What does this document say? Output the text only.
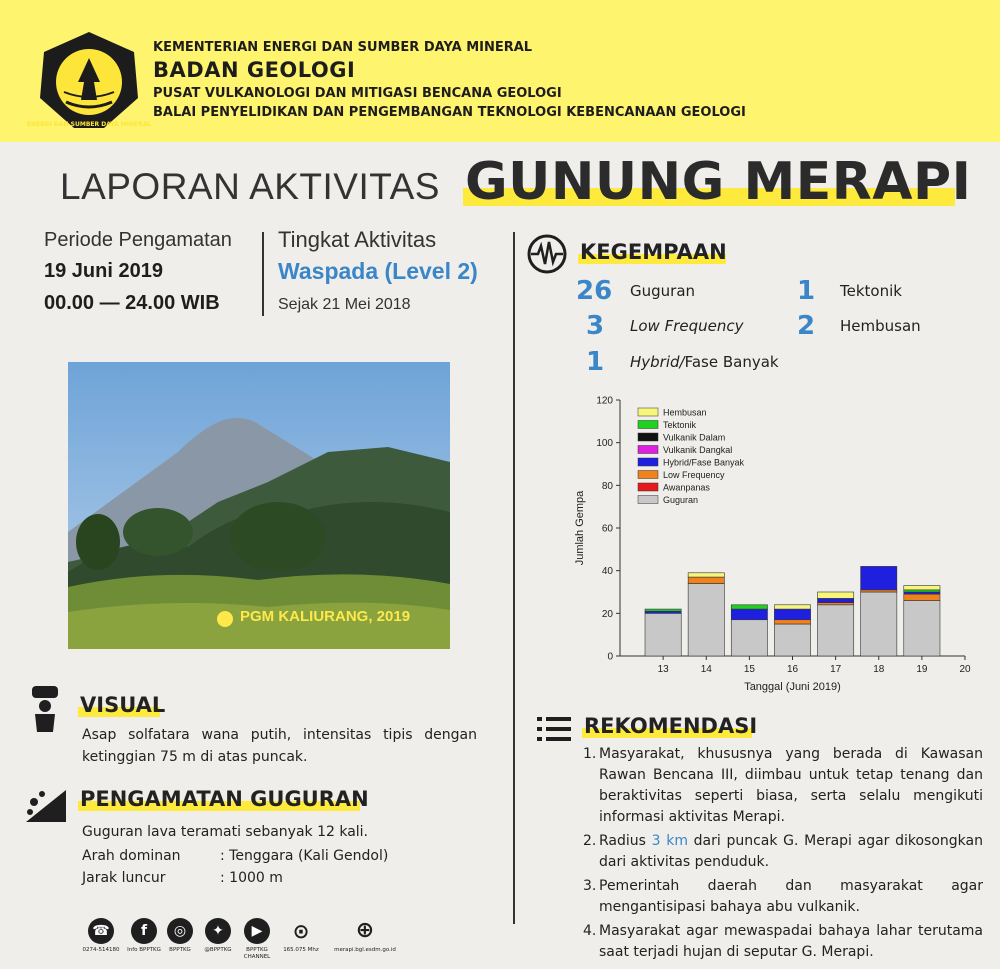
ENERGI DAN SUMBER DAYA MINERAL
KEMENTERIAN ENERGI DAN SUMBER DAYA MINERAL
BADAN GEOLOGI
PUSAT VULKANOLOGI DAN MITIGASI BENCANA GEOLOGI
BALAI PENYELIDIKAN DAN PENGEMBANGAN TEKNOLOGI KEBENCANAAN GEOLOGI
LAPORAN AKTIVITAS GUNUNG MERAPI
Periode Pengamatan
19 Juni 2019
00.00 — 24.00 WIB
Tingkat Aktivitas
Waspada (Level 2)
Sejak 21 Mei 2018
PGM KALIURANG, 2019
VISUAL
Asap solfatara wana putih, intensitas tipis dengan ketinggian 75 m di atas puncak.
PENGAMATAN GUGURAN
Guguran lava teramati sebanyak 12 kali.
Arah dominan	: Tenggara (Kali Gendol)
Jarak luncur	: 1000 m
KEGEMPAAN
26 Guguran	1 Tektonik
3 Low Frequency 2 Hembusan
1 Hybrid/Fase Banyak
0
20
40
60
80
100
120
13	14	15	16	17	18	19	20
Tanggal (Juni 2019)
Jumlah Gempa
Hembusan
Tektonik
Vulkanik Dalam
Vulkanik Dangkal
Hybrid/Fase Banyak
Low Frequency
Awanpanas
Guguran
REKOMENDASI
1. Masyarakat, khususnya yang berada di Kawasan Rawan Bencana III, diimbau untuk tetap tenang dan beraktivitas seperti biasa, serta selalu mengikuti informasi aktivitas Merapi.
2. Radius 3 km dari puncak G. Merapi agar dikosongkan dari aktivitas penduduk.
3. Pemerintah daerah dan masyarakat agar mengantisipasi bahaya abu vulkanik.
4. Masyarakat agar mewaspadai bahaya lahar terutama saat terjadi hujan di seputar G. Merapi.
☎
0274-514180
f
Info BPPTKG
◎
BPPTKG
✦
@BPPTKG
▶
BPPTKG CHANNEL
⊙
165.075 Mhz
⊕
merapi.bgl.esdm.go.id
